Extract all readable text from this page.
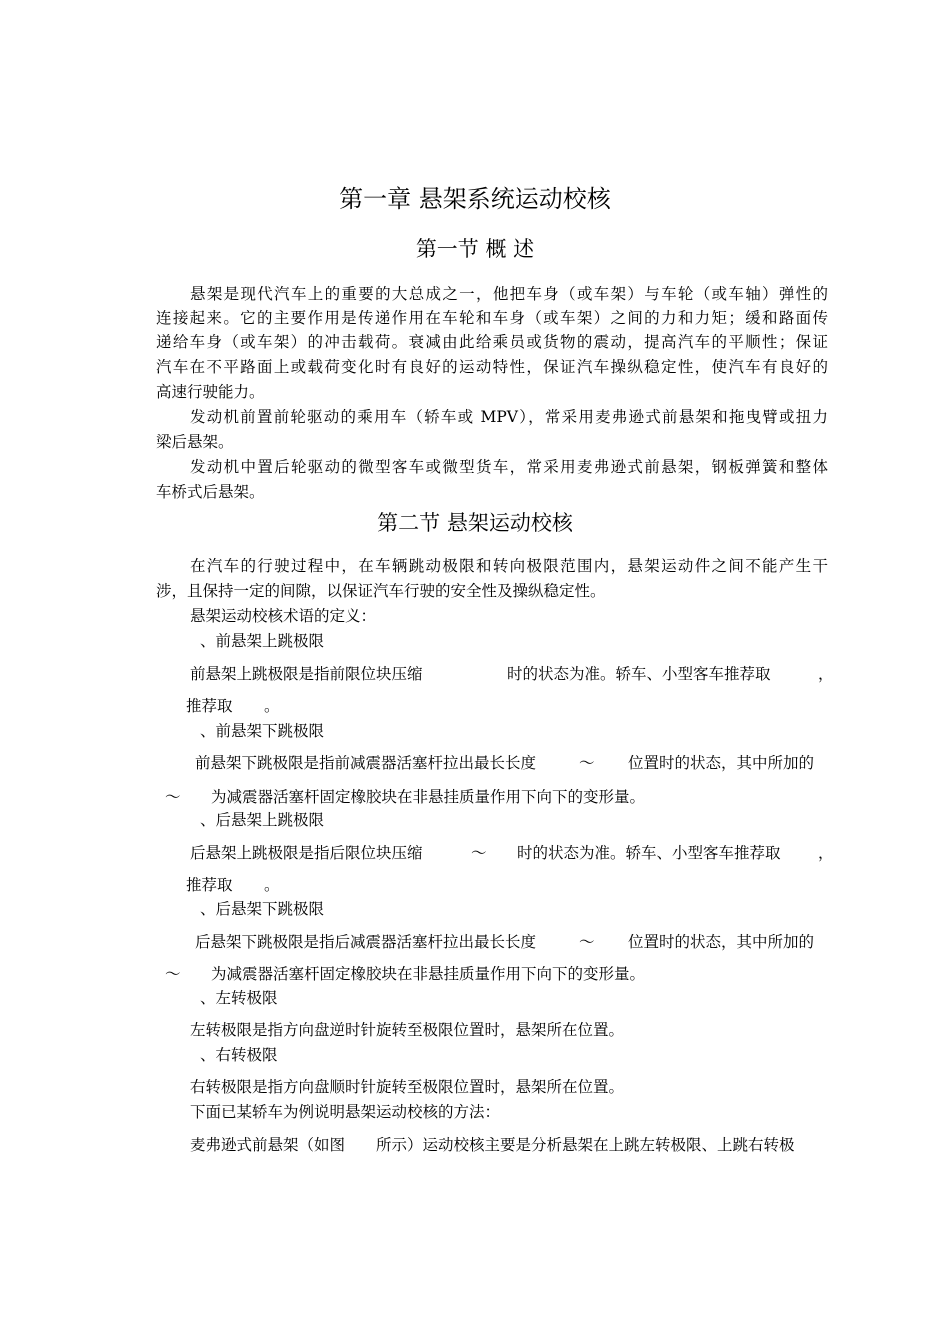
第一章 悬架系统运动校核
第一节 概 述
悬架是现代汽车上的重要的大总成之一，他把车身（或车架）与车轮（或车轴）弹性的
连接起来。它的主要作用是传递作用在车轮和车身（或车架）之间的力和力矩；缓和路面传
递给车身（或车架）的冲击载荷。衰减由此给乘员或货物的震动，提高汽车的平顺性；保证
汽车在不平路面上或载荷变化时有良好的运动特性，保证汽车操纵稳定性，使汽车有良好的
高速行驶能力。
发动机前置前轮驱动的乘用车（轿车或 MPV），常采用麦弗逊式前悬架和拖曳臂或扭力
梁后悬架。
发动机中置后轮驱动的微型客车或微型货车，常采用麦弗逊式前悬架，钢板弹簧和整体
车桥式后悬架。
第二节 悬架运动校核
在汽车的行驶过程中，在车辆跳动极限和转向极限范围内，悬架运动件之间不能产生干
涉，且保持一定的间隙，以保证汽车行驶的安全性及操纵稳定性。
悬架运动校核术语的定义：
、前悬架上跳极限
前悬架上跳极限是指前限位块压缩	时的状态为准。轿车、小型客车推荐取	，
推荐取 。
、前悬架下跳极限
前悬架下跳极限是指前减震器活塞杆拉出最长长度	～ 位置时的状态，其中所加的
～ 为减震器活塞杆固定橡胶块在非悬挂质量作用下向下的变形量。
、后悬架上跳极限
后悬架上跳极限是指后限位块压缩	～ 时的状态为准。轿车、小型客车推荐取 ，
推荐取 。
、后悬架下跳极限
后悬架下跳极限是指后减震器活塞杆拉出最长长度	～ 位置时的状态，其中所加的
～ 为减震器活塞杆固定橡胶块在非悬挂质量作用下向下的变形量。
、左转极限
左转极限是指方向盘逆时针旋转至极限位置时，悬架所在位置。
、右转极限
右转极限是指方向盘顺时针旋转至极限位置时，悬架所在位置。
下面已某轿车为例说明悬架运动校核的方法：
麦弗逊式前悬架（如图 所示）运动校核主要是分析悬架在上跳左转极限、上跳右转极
